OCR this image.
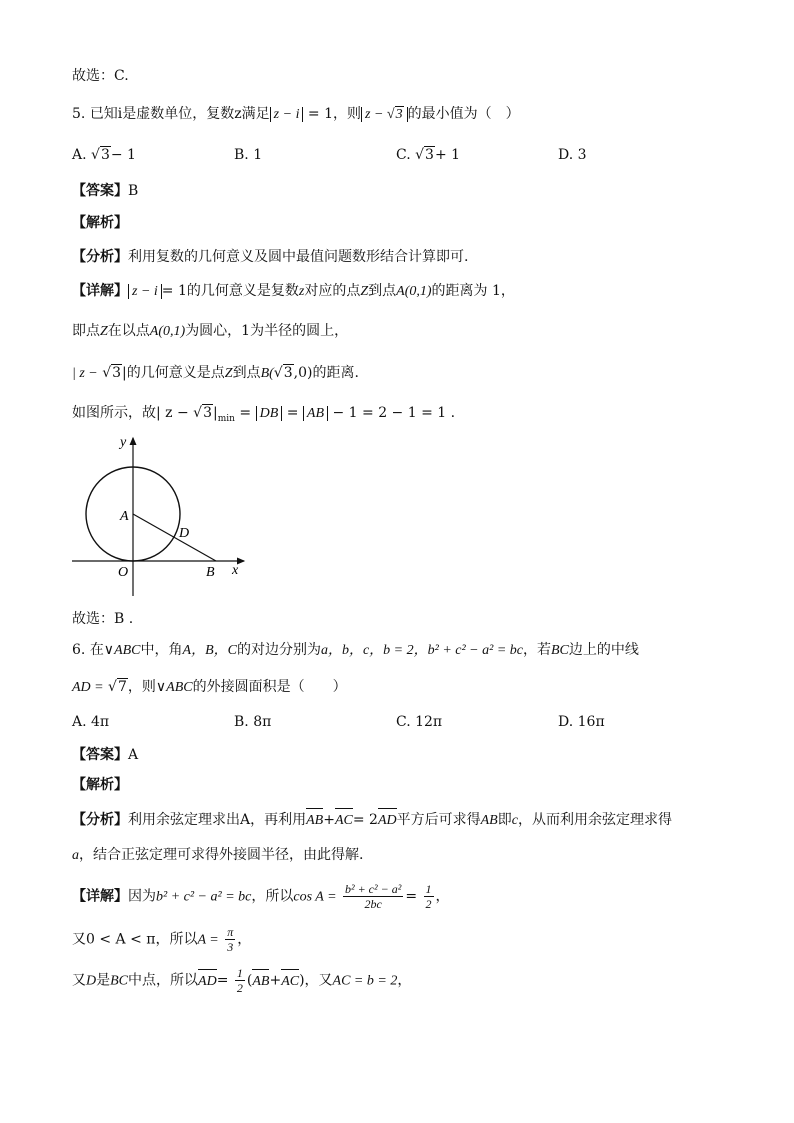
故选：C.
5. 已知i是虚数单位，复数z满足 z − i = 1，则 z − √3 的最小值为（　）
A. √3− 1	B. 1	C. √3+ 1	D. 3
【答案】B
【解析】
【分析】利用复数的几何意义及圆中最值问题数形结合计算即可.
【详解】 z − i = 1的几何意义是复数z对应的点Z到点A(0,1)的距离为 1，
即点Z在以点A(0,1)为圆心，1为半径的圆上，
| z − √3|的几何意义是点Z到点B(√3,0)的距离.
如图所示，故| $z - √3|_{min}$ = DB = AB − 1 = 2 − 1 = 1 .
y
x
O
A
B
D
故选：B .
6. 在∨ABC中，角A，B，C的对边分别为a，b，c，b = 2，b² + c² − a² = bc，若BC边上的中线
AD = √7，则∨ABC的外接圆面积是（　　）
A. 4π	B. 8π	C. 12π	D. 16π
【答案】A
【解析】
【分析】利用余弦定理求出A，再利用AB+AC= 2AD平方后可求得AB即c，从而利用余弦定理求得
a，结合正弦定理可求得外接圆半径，由此得解.
【详解】因为b² + c² − a² = bc，所以$\cos A = \frac{\text{b² + c² − a²}}{2bc} = \frac{1}{2}$ ，
又0 < A < π，所以$A = \frac{\pi}{3}$ ，
又D是BC中点，所以$AD= \frac{1}{2} (AB+AC)$，又AC = b = 2，
